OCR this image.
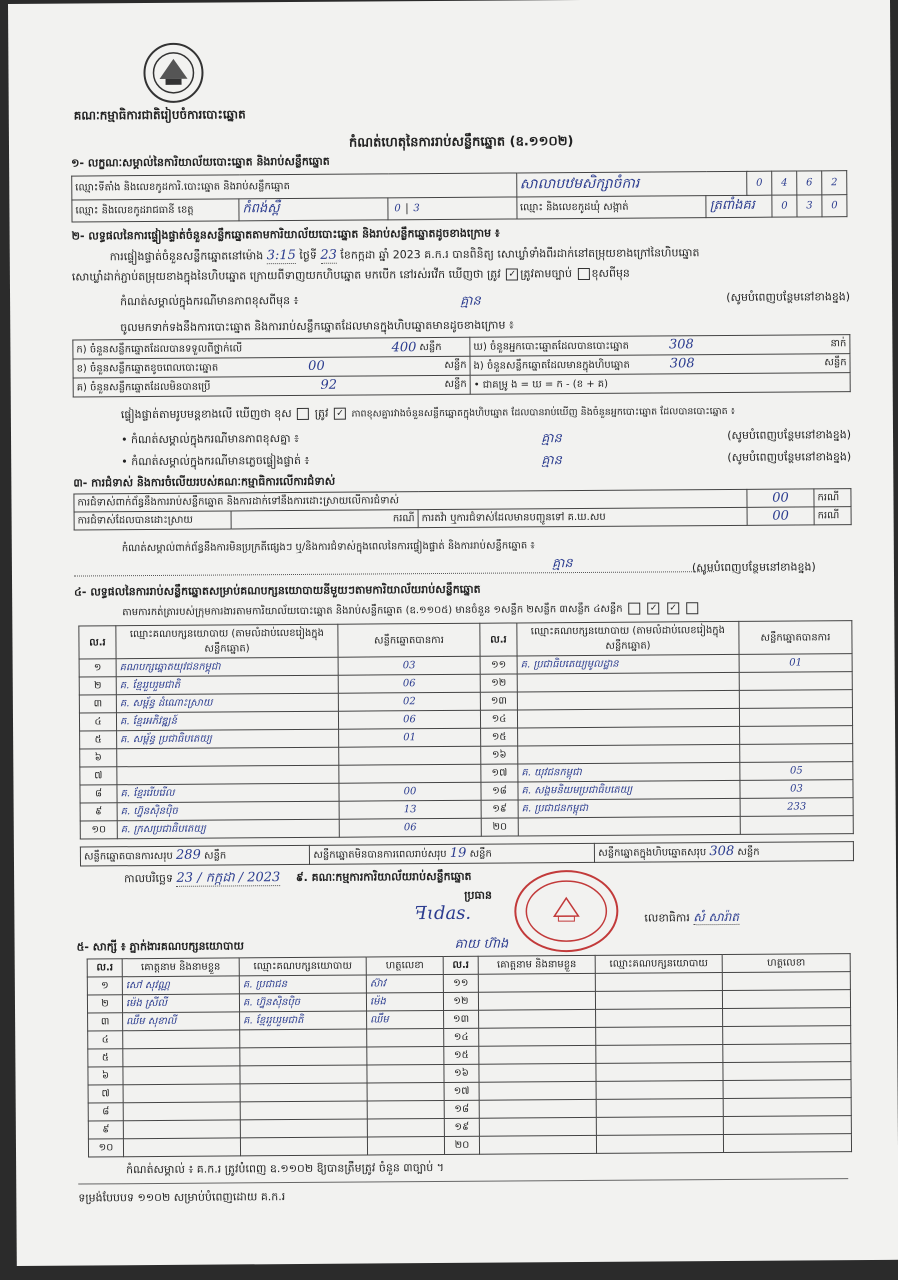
គណៈកម្មាធិការជាតិរៀបចំការបោះឆ្នោត
កំណត់ហេតុនៃការរាប់សន្លឹកឆ្នោត (ឧ.១១០២)
១- លក្ខណៈសម្គាល់នៃការិយាល័យបោះឆ្នោត និងរាប់សន្លឹកឆ្នោត
ឈ្មោះទីតាំង និងលេខកូដការិ.បោះឆ្នោត និងរាប់សន្លឹកឆ្នោត			សាលាបឋមសិក្សាចំការ		0	4	6	2
ឈ្មោះ និងលេខកូដរាជធានី ខេត្ត	កំពង់ស្ពឺ	0 3	ឈ្មោះ និងលេខកូដឃុំ សង្កាត់	ត្រពាំងគរ		0	3	0
២- លទ្ធផលនៃការផ្ទៀងផ្ទាត់ចំនួនសន្លឹកឆ្នោតតាមការិយាល័យបោះឆ្នោត និងរាប់សន្លឹកឆ្នោតដូចខាងក្រោម ៖
ការផ្ទៀងផ្ទាត់ចំនួនសន្លឹកឆ្នោតនៅម៉ោង 3:15 ថ្ងៃទី 23 ខែកក្កដា ឆ្នាំ 2023 គ.ក.រ បានពិនិត្យ សោឃ្លាំទាំងពីរដាក់នៅតម្រុយខាងក្រៅនៃហិបឆ្នោត
សោឃ្លាំដាក់ភ្ជាប់តម្រុយខាងក្នុងនៃហិបឆ្នោត ក្រោយពីទាញយកហិបឆ្នោត មកបើក នៅរស់រវើក ឃើញថា ត្រូវ ✓ ត្រូវតាមច្បាប់ ខុសពីមុន
កំណត់សម្គាល់ក្នុងករណីមានភាពខុសពីមុន ៖	គ្មាន	(សូមបំពេញបន្ថែមនៅខាងខ្នង)
ចូលមកទាក់ទងនឹងការបោះឆ្នោត និងការរាប់សន្លឹកឆ្នោតដែលមានក្នុងហិបឆ្នោតមានដូចខាងក្រោម ៖
ក) ចំនួនសន្លឹកឆ្នោតដែលបានទទួលពីថ្នាក់លើ 400 សន្លឹក	ឃ) ចំនួនអ្នកបោះឆ្នោតដែលបានបោះឆ្នោត 308 នាក់

ខ) ចំនួនសន្លឹកឆ្នោតខូចពេលបោះឆ្នោត 00 សន្លឹក	ង) ចំនួនសន្លឹកឆ្នោតដែលមានក្នុងហិបឆ្នោត 308 សន្លឹក

គ) ចំនួនសន្លឹកឆ្នោតដែលមិនបានប្រើ 92 សន្លឹក	• ជាគម្រូ ង = ឃ = ក - (ខ + គ)
ផ្ទៀងផ្ទាត់តាមរូបមន្តខាងលើ ឃើញថា ខុស ត្រូវ ✓ ភាពខុសគ្នារវាងចំនួនសន្លឹកឆ្នោតក្នុងហិបឆ្នោត ដែលបានរាប់ឃើញ និងចំនួនអ្នកបោះឆ្នោត ដែលបានបោះឆ្នោត ៖
• កំណត់សម្គាល់ក្នុងករណីមានភាពខុសគ្នា ៖	គ្មាន	(សូមបំពេញបន្ថែមនៅខាងខ្នង)
• កំណត់សម្គាល់ក្នុងករណីមានភ្លេចផ្ទៀងផ្ទាត់ ៖	គ្មាន	(សូមបំពេញបន្ថែមនៅខាងខ្នង)
៣- ការជំទាស់ និងការចំលើយរបស់គណៈកម្មាធិការលើការជំទាស់
ការជំទាស់ពាក់ព័ន្ធនឹងការរាប់សន្លឹកឆ្នោត និងការដាក់ទៅនឹងការដោះស្រាយលើការជំទាស់			00	ករណី
ការជំទាស់ដែលបានដោះស្រាយ	ករណី	ការតវ៉ា ឬការជំទាស់ដែលមានបញ្ជូនទៅ គ.ឃ.សប	00	ករណី
កំណត់សម្គាល់ពាក់ព័ន្ធនឹងការមិនប្រក្រតីផ្សេងៗ ឬ/និងការជំទាស់ក្នុងពេលនៃការផ្ទៀងផ្ទាត់ និងការរាប់សន្លឹកឆ្នោត ៖
គ្មាន	(សូមបំពេញបន្ថែមនៅខាងខ្នង)
៤- លទ្ធផលនៃការរាប់សន្លឹកឆ្នោតសម្រាប់គណបក្សនយោបាយនីមួយៗតាមការិយាល័យរាប់សន្លឹកឆ្នោត
តាមការកត់ត្រារបស់ក្រុមការងារតាមការិយាល័យបោះឆ្នោត និងរាប់សន្លឹកឆ្នោត (ឧ.១១០៥) មានចំនួន ១សន្លឹក ២សន្លឹក ៣សន្លឹក ៤សន្លឹក	✓ ✓
ល.រ	ឈ្មោះគណបក្សនយោបាយ (តាមលំដាប់លេខរៀងក្នុងសន្លឹកឆ្នោត)	សន្លឹកឆ្នោតបានការ	ល.រ	ឈ្មោះគណបក្សនយោបាយ (តាមលំដាប់លេខរៀងក្នុងសន្លឹកឆ្នោត)	សន្លឹកឆ្នោតបានការ
១	គណបក្សឆ្នោតយុវជនកម្ពុជា	03	១១	គ. ប្រជាធិបតេយ្យមូលដ្ឋាន	01
២	គ. ខ្មែររួបរួមជាតិ	06	១២		
៣	គ. សម្ព័ន្ធ ដំណោះស្រាយ	02	១៣		
៤	គ. ខ្មែរអភិវឌ្ឍន៍	06	១៤		
៥	គ. សម្ព័ន្ធ ប្រជាធិបតេយ្យ	01	១៥		
៦			១៦		
៧			១៧	គ. យុវជនកម្ពុជា	05
៨	គ. ខ្មែររើបរើល	00	១៨	គ. សង្គមនិយមប្រជាធិបតេយ្យ	03
៩	គ. ហ្វ៊ុនស៊ិនប៉ិច	13	១៩	គ. ប្រជាជនកម្ពុជា	233
១០	គ. ក្រសប្រជាធិបតេយ្យ	06	២០		
សន្លឹកឆ្នោតបានការសរុប 289 សន្លឹក	សន្លឹកឆ្នោតមិនបានការពេលរាប់សរុប 19 សន្លឹក	សន្លឹកឆ្នោតក្នុងហិបឆ្នោតសរុប 308 សន្លឹក
កាលបរិច្ឆេទ 23 / កក្កដា / 2023 ៩. គណៈកម្មការការិយាល័យរាប់សន្លឹកឆ្នោត
ប្រធាន
ꟻɩdas.
គាយ ហ៊ាង
លេខាធិការ សំ សារ៉ាត
៥- សាក្សី ៖ ភ្នាក់ងារគណបក្សនយោបាយ
ល.រ	គោត្តនាម និងនាមខ្លួន	ឈ្មោះគណបក្សនយោបាយ	ហត្ថលេខា	ល.រ	គោត្តនាម និងនាមខ្លួន	ឈ្មោះគណបក្សនយោបាយ	ហត្ថលេខា
១	សៅ សុវណ្ណ	គ. ប្រជាជន	ស៊ាវ	១១			
២	ម៉េង ស្រីលី	គ. ហ្វ៊ុនស៊ិនប៉ិច	ម៉េង	១២			
៣	ឈឹម សុខាលី	គ. ខ្មែររួបរួមជាតិ	ឈឹម	១៣			
៤				១៤			
៥				១៥			
៦				១៦			
៧				១៧			
៨				១៨			
៩				១៩			
១០				២០			
កំណត់សម្គាល់ ៖ គ.ក.រ ត្រូវបំពេញ ឧ.១១០២ ឱ្យបានត្រឹមត្រូវ ចំនួន ៣ច្បាប់ ។
ទម្រង់បែបបទ ១១០២ សម្រាប់បំពេញដោយ គ.ក.រ
